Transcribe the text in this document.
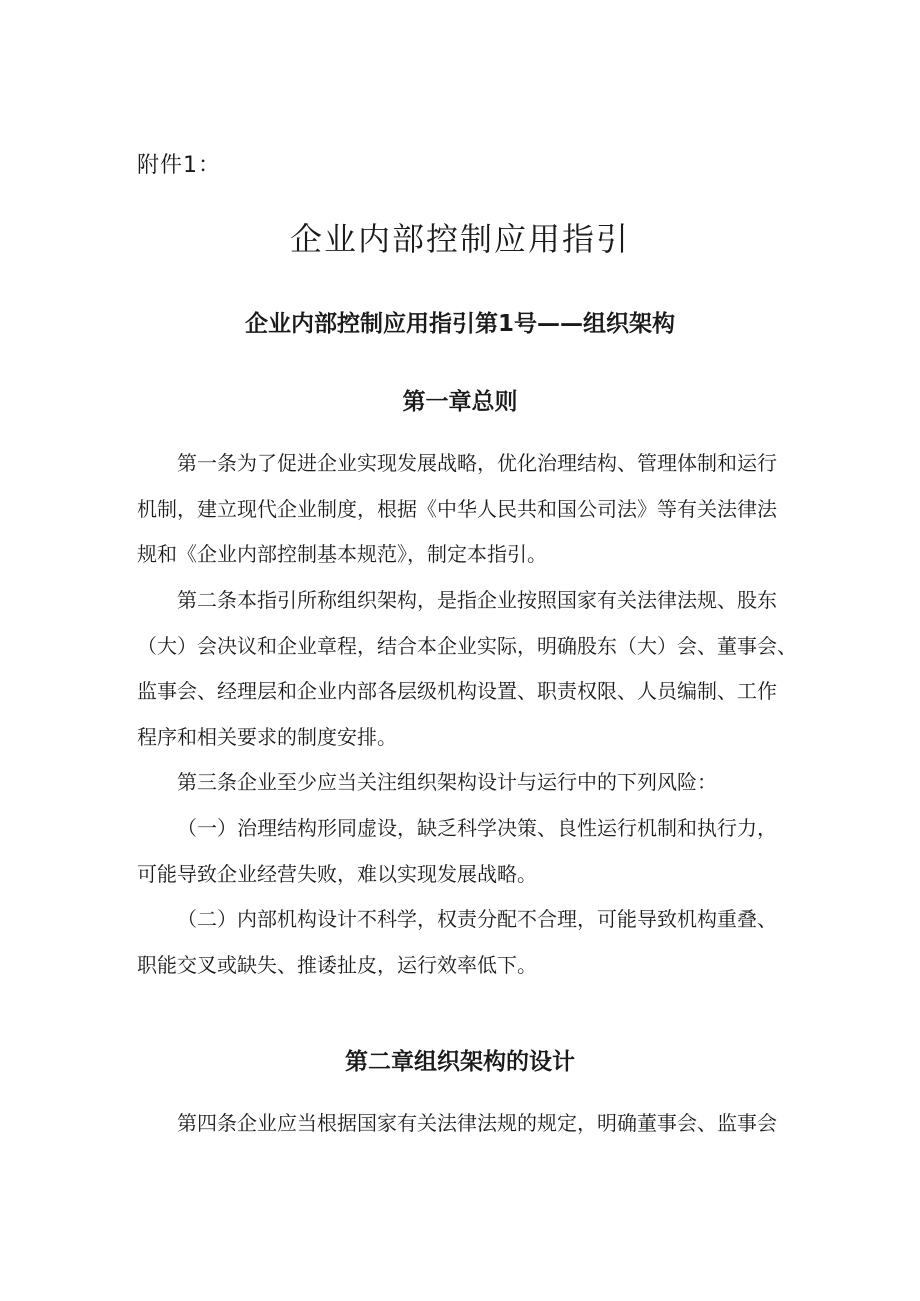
附件1：
企业内部控制应用指引
企业内部控制应用指引第1号——组织架构
第一章总则
第一条为了促进企业实现发展战略，优化治理结构、管理体制和运行
机制，建立现代企业制度，根据《中华人民共和国公司法》等有关法律法
规和《企业内部控制基本规范》，制定本指引。
第二条本指引所称组织架构，是指企业按照国家有关法律法规、股东
（大）会决议和企业章程，结合本企业实际，明确股东（大）会、董事会、
监事会、经理层和企业内部各层级机构设置、职责权限、人员编制、工作
程序和相关要求的制度安排。
第三条企业至少应当关注组织架构设计与运行中的下列风险：
（一）治理结构形同虚设，缺乏科学决策、良性运行机制和执行力，
可能导致企业经营失败，难以实现发展战略。
（二）内部机构设计不科学，权责分配不合理，可能导致机构重叠、
职能交叉或缺失、推诿扯皮，运行效率低下。
第二章组织架构的设计
第四条企业应当根据国家有关法律法规的规定，明确董事会、监事会
